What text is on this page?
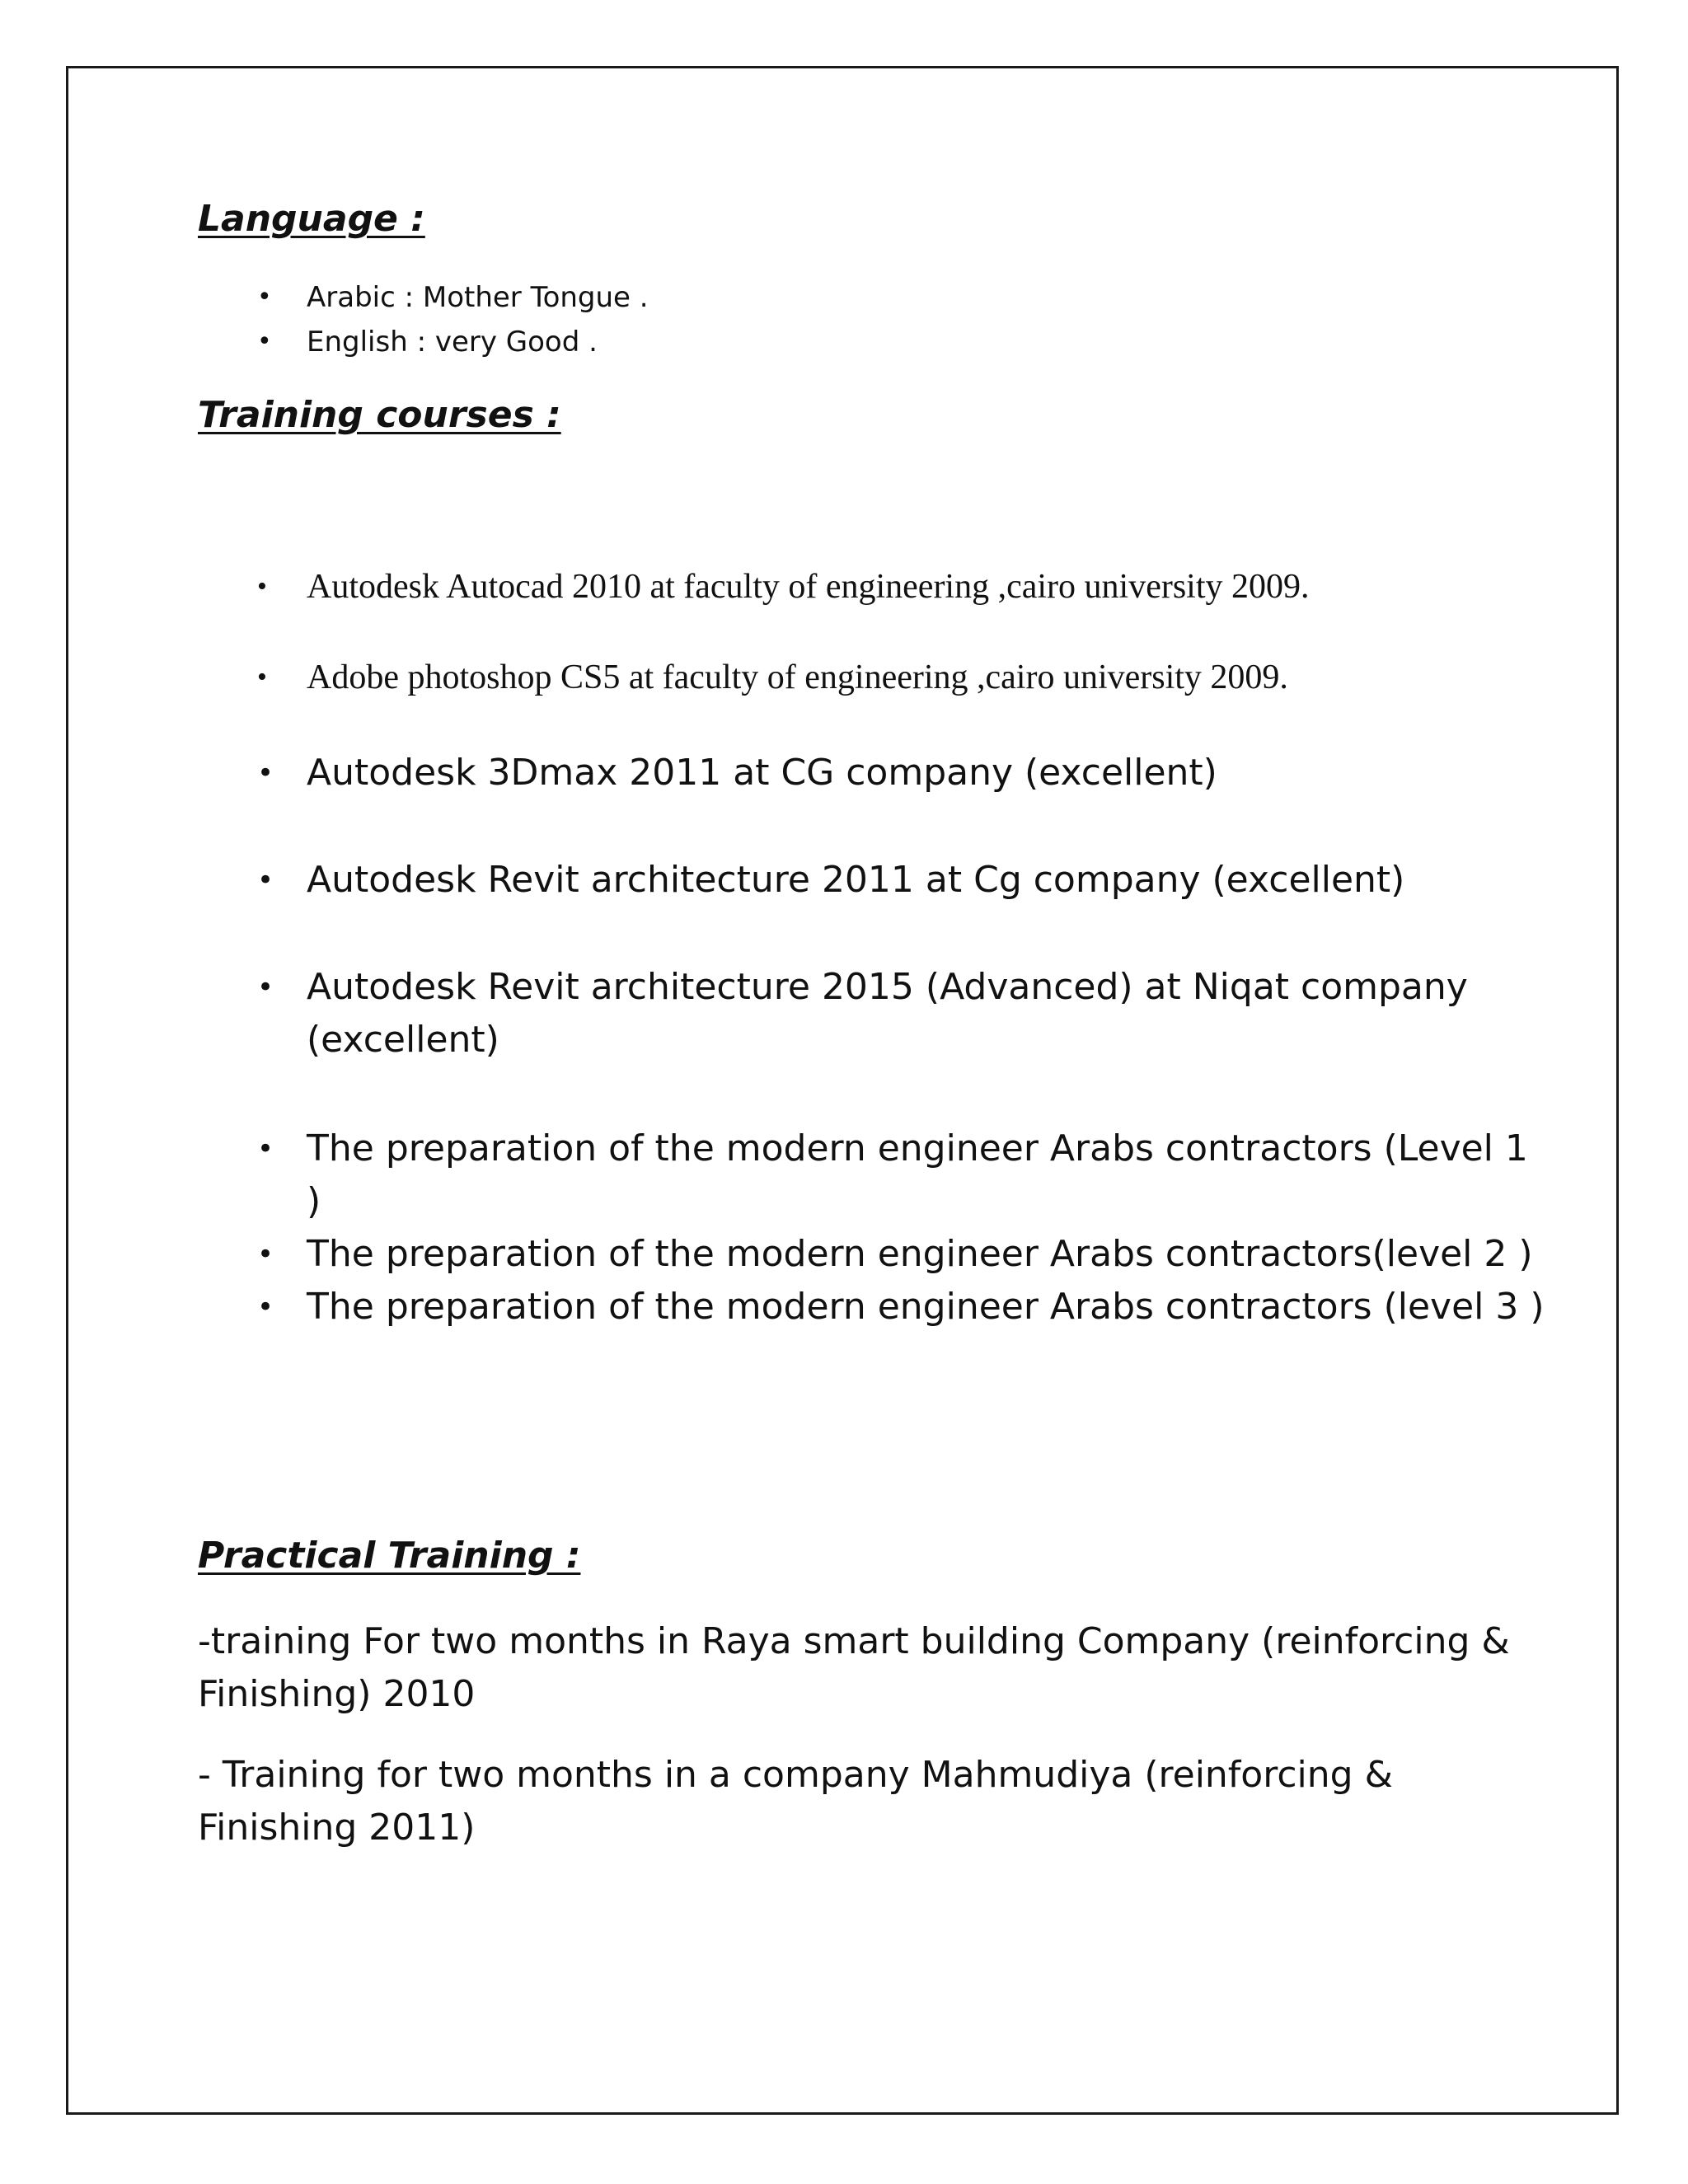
Language :
• Arabic : Mother Tongue .
• English : very Good .
Training courses :
• Autodesk Autocad 2010 at faculty of engineering ,cairo university 2009.
• Adobe photoshop CS5 at faculty of engineering ,cairo university 2009.
• Autodesk 3Dmax 2011 at CG company (excellent)
• Autodesk Revit architecture 2011 at Cg company (excellent)
• Autodesk Revit architecture 2015 (Advanced) at Niqat company (excellent)
• The preparation of the modern engineer Arabs contractors (Level 1 )
• The preparation of the modern engineer Arabs contractors(level 2 )
• The preparation of the modern engineer Arabs contractors (level 3 )
Practical Training :

-training For two months in Raya smart building Company (reinforcing & Finishing) 2010

- Training for two months in a company Mahmudiya (reinforcing & Finishing 2011)
